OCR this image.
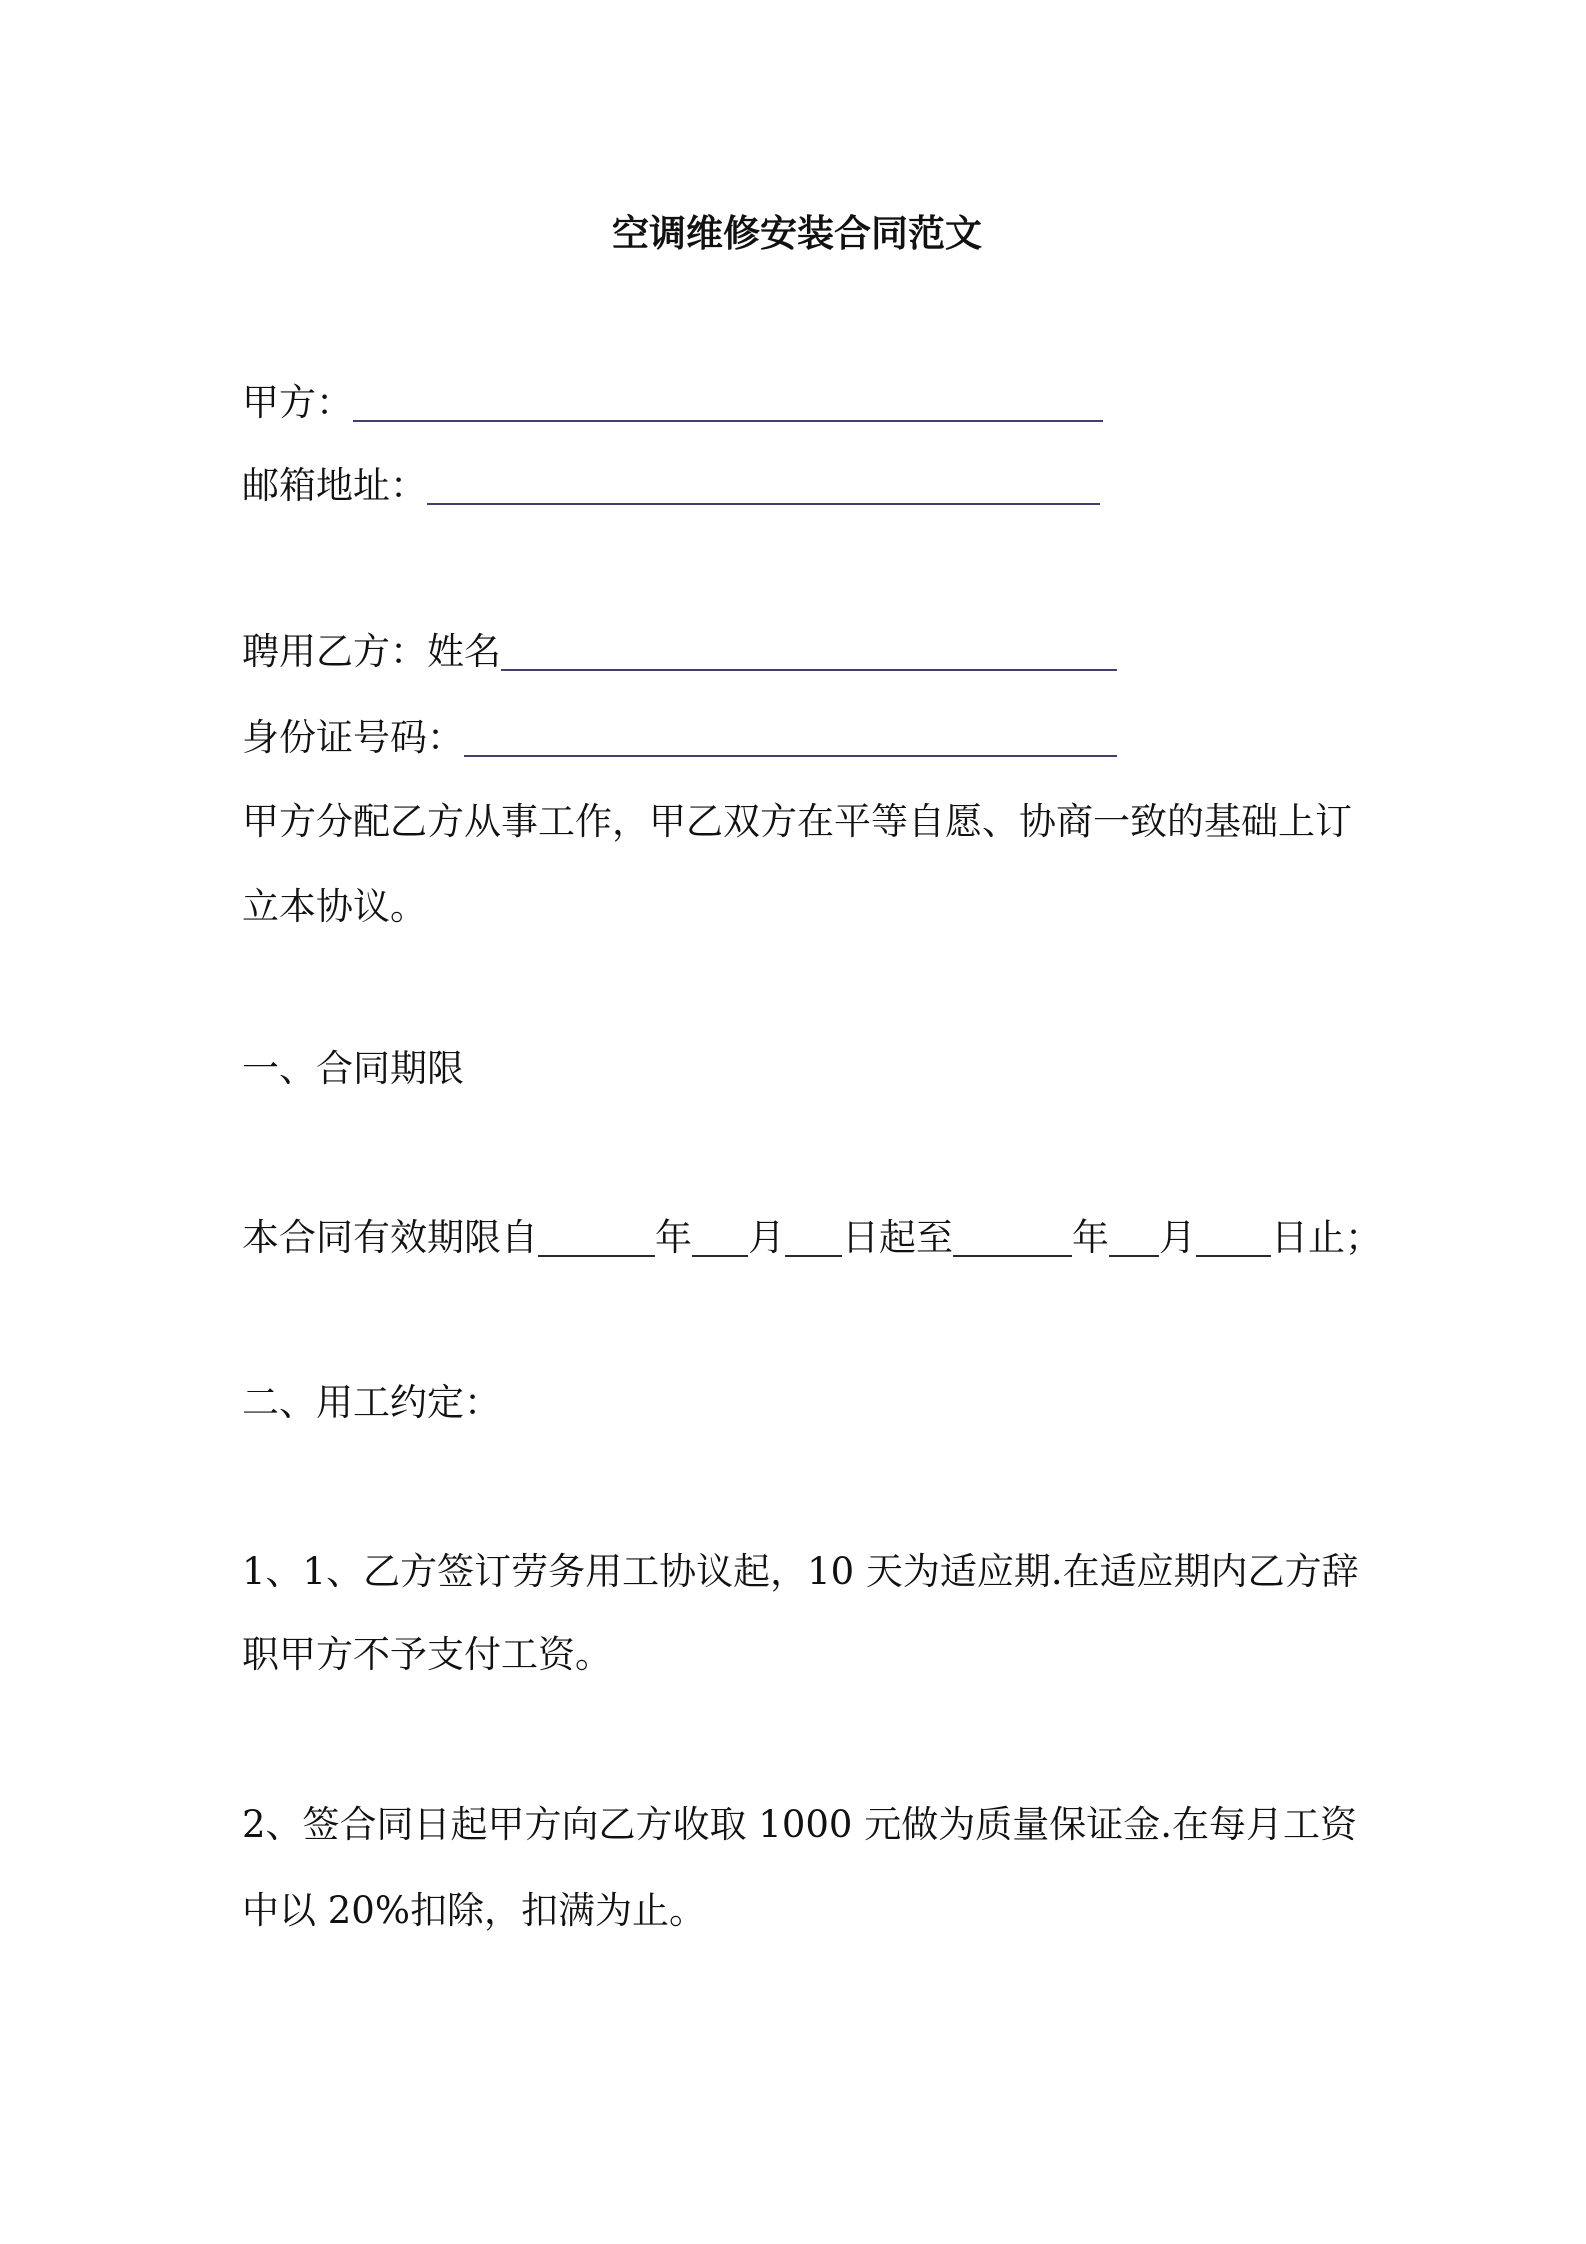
空调维修安装合同范文
甲方：
邮箱地址：
聘用乙方：姓名
身份证号码：
甲方分配乙方从事工作，甲乙双方在平等自愿、协商一致的基础上订
立本协议。
一、合同期限
本合同有效期限自	年 月 日起至	年 月 日止；
二、用工约定：
1、1、乙方签订劳务用工协议起，10 天为适应期.在适应期内乙方辞
职甲方不予支付工资。
2、签合同日起甲方向乙方收取 1000 元做为质量保证金.在每月工资
中以 20%扣除，扣满为止。
